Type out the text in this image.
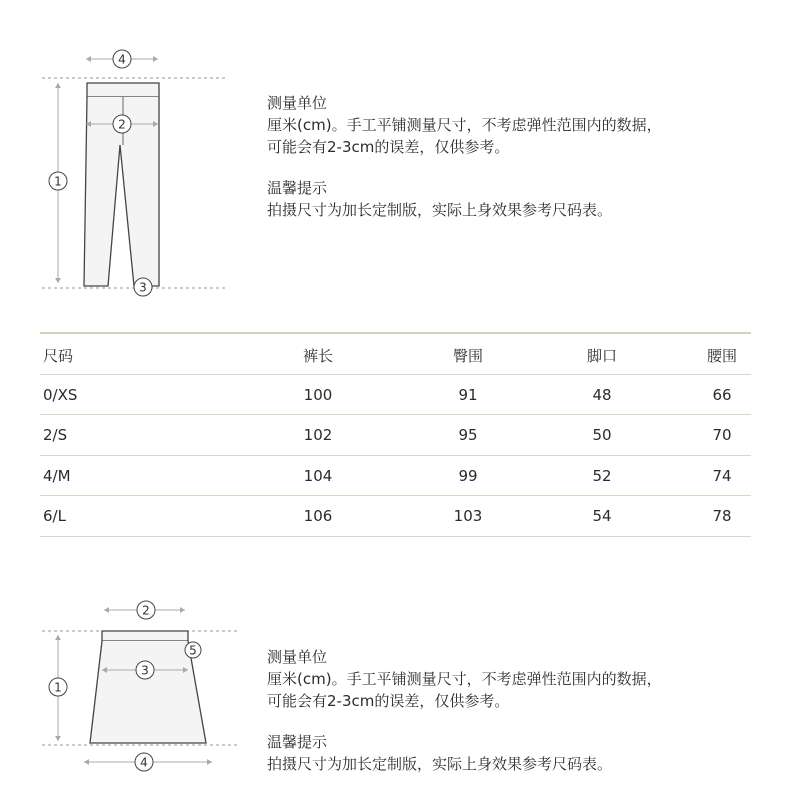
4
2
1
3
测量单位
厘米(cm)。手工平铺测量尺寸，不考虑弹性范围内的数据，
可能会有2-3cm的误差，仅供参考。
温馨提示
拍摄尺寸为加长定制版，实际上身效果参考尺码表。
尺码	裤长	臀围	脚口	腰围
0/XS	100	91	48	66
2/S	102	95	50	70
4/M	104	99	52	74
6/L	106	103	54	78
2
5
3
1
4
测量单位
厘米(cm)。手工平铺测量尺寸，不考虑弹性范围内的数据，
可能会有2-3cm的误差，仅供参考。
温馨提示
拍摄尺寸为加长定制版，实际上身效果参考尺码表。
